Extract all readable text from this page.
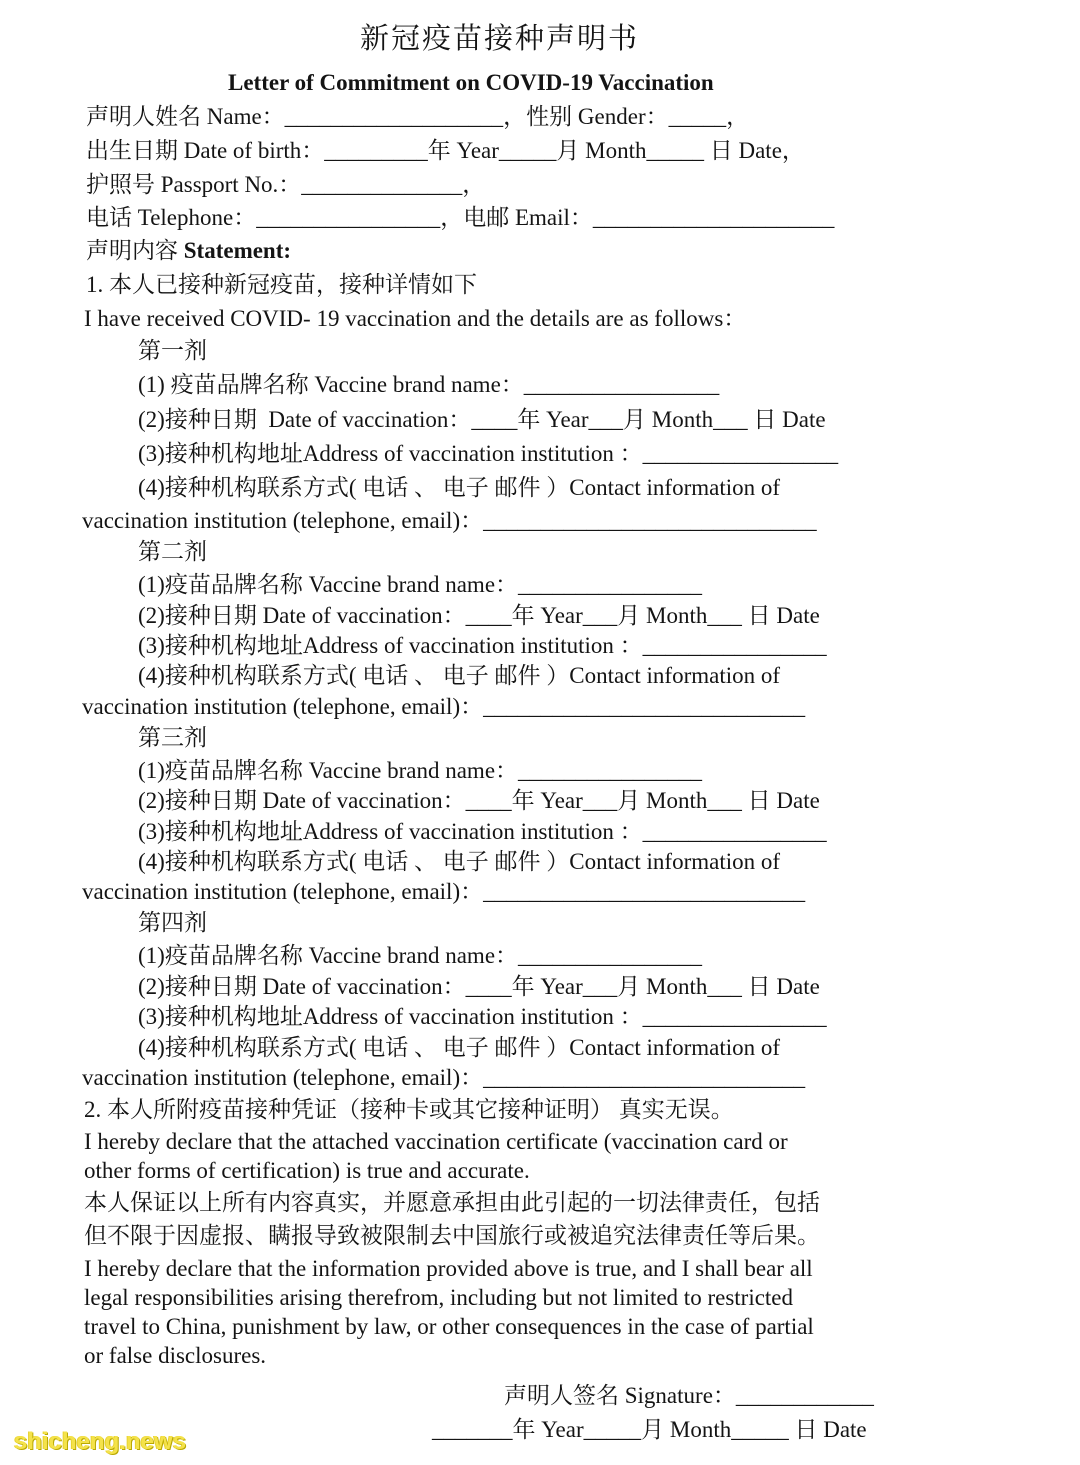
新冠疫苗接种声明书
Letter of Commitment on COVID-19 Vaccination
声明人姓名 Name：___________________，性别 Gender：_____，
出生日期 Date of birth：_________年 Year_____月 Month_____ 日 Date，
护照号 Passport No.：______________，
电话 Telephone：________________，电邮 Email：_____________________
声明内容 Statement:
1. 本人已接种新冠疫苗，接种详情如下
I have received COVID- 19 vaccination and the details are as follows：
第一剂
(1) 疫苗品牌名称 Vaccine brand name：_________________
(2)接种日期  Date of vaccination：____年 Year___月 Month___ 日 Date
(3)接种机构地址Address of vaccination institution ：_________________
(4)接种机构联系方式( 电话 、 电子 邮件 ）Contact information of
vaccination institution (telephone, email)：_____________________________
第二剂
(1)疫苗品牌名称 Vaccine brand name：________________
(2)接种日期 Date of vaccination：____年 Year___月 Month___ 日 Date
(3)接种机构地址Address of vaccination institution ：________________
(4)接种机构联系方式( 电话 、 电子 邮件 ）Contact information of
vaccination institution (telephone, email)：____________________________
第三剂
(1)疫苗品牌名称 Vaccine brand name：________________
(2)接种日期 Date of vaccination：____年 Year___月 Month___ 日 Date
(3)接种机构地址Address of vaccination institution ：________________
(4)接种机构联系方式( 电话 、 电子 邮件 ）Contact information of
vaccination institution (telephone, email)：____________________________
第四剂
(1)疫苗品牌名称 Vaccine brand name：________________
(2)接种日期 Date of vaccination：____年 Year___月 Month___ 日 Date
(3)接种机构地址Address of vaccination institution ：________________
(4)接种机构联系方式( 电话 、 电子 邮件 ）Contact information of
vaccination institution (telephone, email)：____________________________
2. 本人所附疫苗接种凭证（接种卡或其它接种证明） 真实无误。
I hereby declare that the attached vaccination certificate (vaccination card or
other forms of certification) is true and accurate.
本人保证以上所有内容真实，并愿意承担由此引起的一切法律责任，包括
但不限于因虚报、瞒报导致被限制去中国旅行或被追究法律责任等后果。
I hereby declare that the information provided above is true, and I shall bear all
legal responsibilities arising therefrom, including but not limited to restricted
travel to China, punishment by law, or other consequences in the case of partial
or false disclosures.
声明人签名 Signature：____________
_______年 Year_____月 Month_____ 日 Date
shicheng.news
